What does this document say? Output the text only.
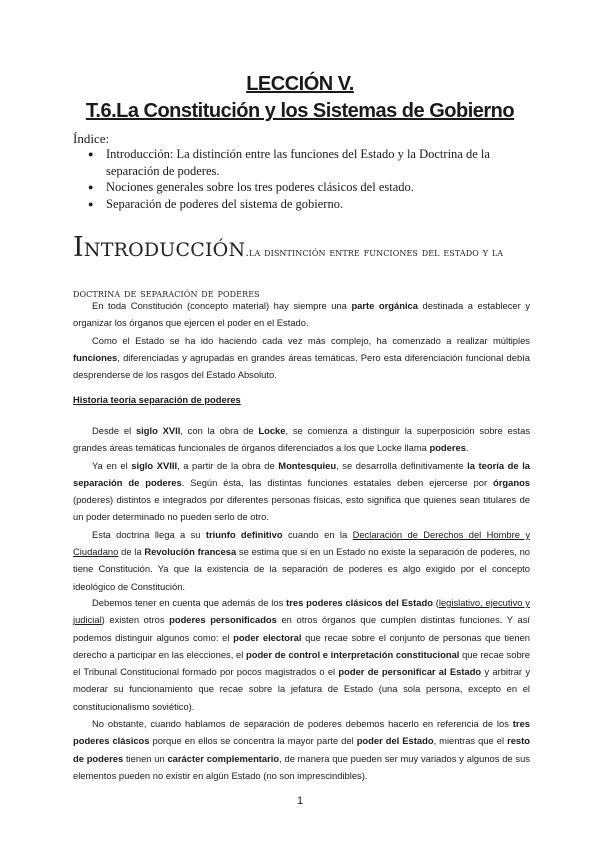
LECCIÓN V.
T.6.La Constitución y los Sistemas de Gobierno
Índice:
● Introducción: La distinción entre las funciones del Estado y la Doctrina de la separación de poderes.
● Nociones generales sobre los tres poderes clásicos del estado.
● Separación de poderes del sistema de gobierno.
Introducción.la disntinción entre funciones del estado y la doctrina de separación de poderes

En toda Constitución (concepto material) hay siempre una parte orgánica destinada a establecer y organizar los órganos que ejercen el poder en el Estado.

Como el Estado se ha ido haciendo cada vez más complejo, ha comenzado a realizar múltiples funciones, diferenciadas y agrupadas en grandes áreas temáticas. Pero esta diferenciación funcional debía desprenderse de los rasgos del Estado Absoluto.

Historia teoría separación de poderes

Desde el siglo XVII, con la obra de Locke, se comienza a distinguir la superposición sobre estas grandes áreas temáticas funcionales de órganos diferenciados a los que Locke llama poderes.

Ya en el siglo XVIII, a partir de la obra de Montesquieu, se desarrolla definitivamente la teoría de la separación de poderes. Según ésta, las distintas funciones estatales deben ejercerse por órganos (poderes) distintos e integrados por diferentes personas físicas, esto significa que quienes sean titulares de un poder determinado no pueden serlo de otro.

Esta doctrina llega a su triunfo definitivo cuando en la Declaración de Derechos del Hombre y Ciudadano de la Revolución francesa se estima que si en un Estado no existe la separación de poderes, no tiene Constitución. Ya que la existencia de la separación de poderes es algo exigido por el concepto ideológico de Constitución.

Debemos tener en cuenta que además de los tres poderes clásicos del Estado (legislativo, ejecutivo y judicial) existen otros poderes personificados en otros órganos que cumplen distintas funciones. Y así podemos distinguir algunos como: el poder electoral que recae sobre el conjunto de personas que tienen derecho a participar en las elecciones, el poder de control e interpretación constitucional que recae sobre el Tribunal Constitucional formado por pocos magistrados o el poder de personificar al Estado y arbitrar y moderar su funcionamiento que recae sobre la jefatura de Estado (una sola persona, excepto en el constitucionalismo soviético).

No obstante, cuando hablamos de separación de poderes debemos hacerlo en referencia de los tres poderes clásicos porque en ellos se concentra la mayor parte del poder del Estado, mientras que el resto de poderes tienen un carácter complementario, de manera que pueden ser muy variados y algunos de sus elementos pueden no existir en algún Estado (no son imprescindibles).

1
